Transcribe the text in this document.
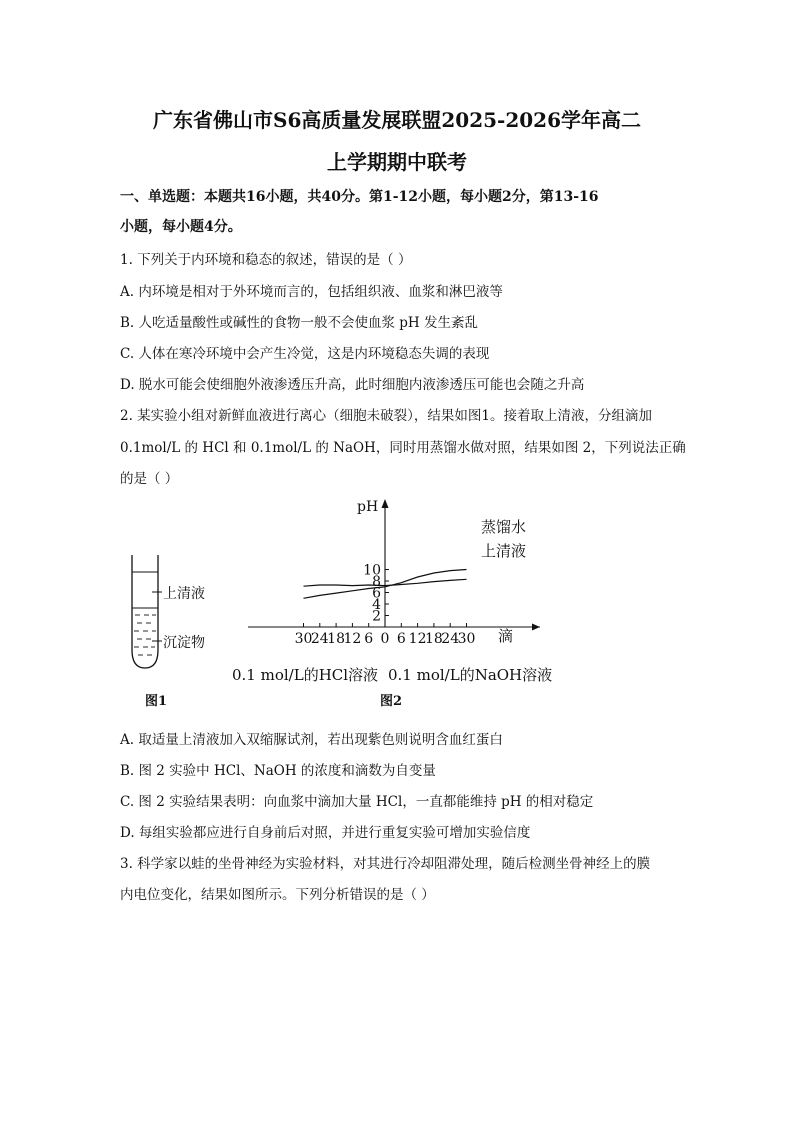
广东省佛山市S6高质量发展联盟2025-2026学年高二
上学期期中联考
一、单选题：本题共16小题，共40分。第1-12小题，每小题2分，第13-16
小题，每小题4分。
1. 下列关于内环境和稳态的叙述，错误的是（ ）
A. 内环境是相对于外环境而言的，包括组织液、血浆和淋巴液等
B. 人吃适量酸性或碱性的食物一般不会使血浆 pH 发生紊乱
C. 人体在寒冷环境中会产生冷觉，这是内环境稳态失调的表现
D. 脱水可能会使细胞外液渗透压升高，此时细胞内液渗透压可能也会随之升高
2. 某实验小组对新鲜血液进行离心（细胞未破裂），结果如图1。接着取上清液，分组滴加
0.1mol/L 的 HCl 和 0.1mol/L 的 NaOH，同时用蒸馏水做对照，结果如图 2，下列说法正确
的是（ ）
上清液
沉淀物
图1
2
4
6
8
10
30
24
18
12 6 0 6 12
18
24
30
pH
蒸馏水
上清液
滴
0.1 mol/L的HCl溶液 0.1 mol/L的NaOH溶液
图2
A. 取适量上清液加入双缩脲试剂，若出现紫色则说明含血红蛋白
B. 图 2 实验中 HCl、NaOH 的浓度和滴数为自变量
C. 图 2 实验结果表明：向血浆中滴加大量 HCl，一直都能维持 pH 的相对稳定
D. 每组实验都应进行自身前后对照，并进行重复实验可增加实验信度
3. 科学家以蛙的坐骨神经为实验材料，对其进行冷却阻滞处理，随后检测坐骨神经上的膜
内电位变化，结果如图所示。下列分析错误的是（ ）
